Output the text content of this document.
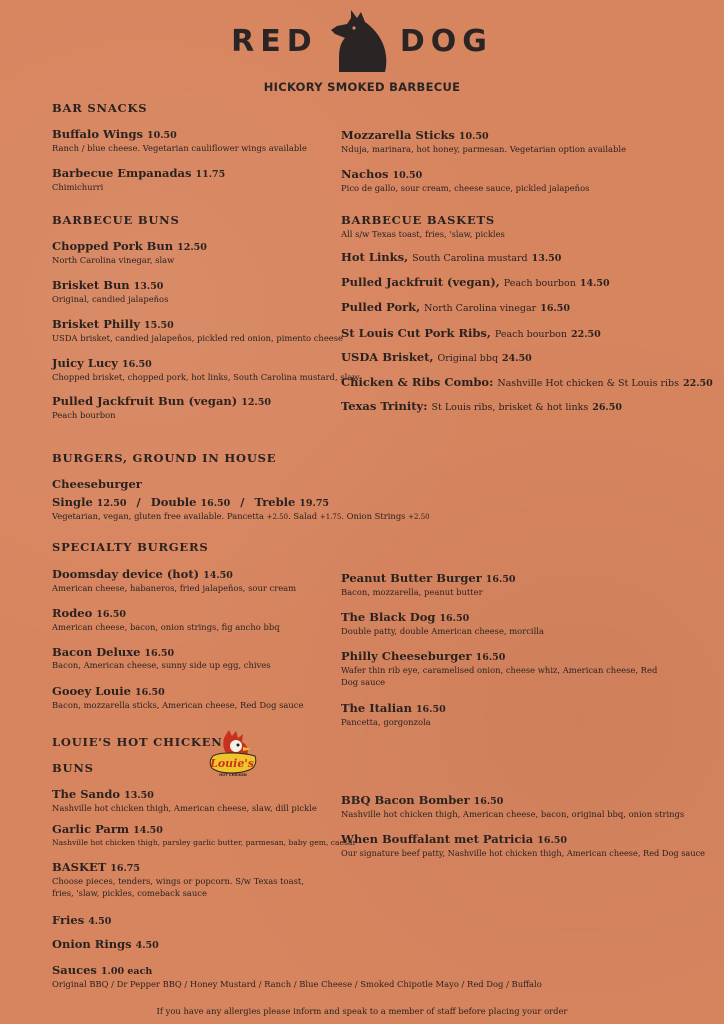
RED	DOG
HICKORY SMOKED BARBECUE
BAR SNACKS
Buffalo Wings 10.50
Ranch / blue cheese. Vegetarian cauliflower wings available
Barbecue Empanadas 11.75
Chimichurri
Mozzarella Sticks 10.50
Nduja, marinara, hot honey, parmesan. Vegetarian option available
Nachos 10.50
Pico de gallo, sour cream, cheese sauce, pickled jalapeños
BARBECUE BUNS
Chopped Pork Bun 12.50
North Carolina vinegar, slaw
Brisket Bun 13.50
Original, candied jalapeños
Brisket Philly 15.50
USDA brisket, candied jalapeños, pickled red onion, pimento cheese
Juicy Lucy 16.50
Chopped brisket, chopped pork, hot links, South Carolina mustard, slaw
Pulled Jackfruit Bun (vegan) 12.50
Peach bourbon
BARBECUE BASKETS
All s/w Texas toast, fries, 'slaw, pickles
Hot Links, South Carolina mustard 13.50
Pulled Jackfruit (vegan), Peach bourbon 14.50
Pulled Pork, North Carolina vinegar 16.50
St Louis Cut Pork Ribs, Peach bourbon 22.50
USDA Brisket, Original bbq 24.50
Chicken & Ribs Combo: Nashville Hot chicken & St Louis ribs 22.50
Texas Trinity: St Louis ribs, brisket & hot links 26.50
BURGERS, GROUND IN HOUSE
Cheeseburger
Single 12.50 / Double 16.50 / Treble 19.75
Vegetarian, vegan, gluten free available. Pancetta +2.50. Salad +1.75. Onion Strings +2.50
SPECIALTY BURGERS
Doomsday device (hot) 14.50
American cheese, habaneros, fried jalapeños, sour cream
Rodeo 16.50
American cheese, bacon, onion strings, fig ancho bbq
Bacon Deluxe 16.50
Bacon, American cheese, sunny side up egg, chives
Gooey Louie 16.50
Bacon, mozzarella sticks, American cheese, Red Dog sauce
Peanut Butter Burger 16.50
Bacon, mozzarella, peanut butter
The Black Dog 16.50
Double patty, double American cheese, morcilla
Philly Cheeseburger 16.50
Wafer thin rib eye, caramelised onion, cheese whiz, American cheese, Red Dog sauce
The Italian 16.50
Pancetta, gorgonzola
LOUIE'S HOT CHICKEN
BUNS	Louie's
HOT CHICKEN
The Sando 13.50
Nashville hot chicken thigh, American cheese, slaw, dill pickle
Garlic Parm 14.50
Nashville hot chicken thigh, parsley garlic butter, parmesan, baby gem, caesar
BASKET 16.75
Choose pieces, tenders, wings or popcorn. S/w Texas toast, fries, 'slaw, pickles, comeback sauce
BBQ Bacon Bomber 16.50
Nashville hot chicken thigh, American cheese, bacon, original bbq, onion strings
When Bouffalant met Patricia 16.50
Our signature beef patty, Nashville hot chicken thigh, American cheese, Red Dog sauce
Fries 4.50
Onion Rings 4.50
Sauces 1.00 each
Original BBQ / Dr Pepper BBQ / Honey Mustard / Ranch / Blue Cheese / Smoked Chipotle Mayo / Red Dog / Buffalo
If you have any allergies please inform and speak to a member of staff before placing your order
